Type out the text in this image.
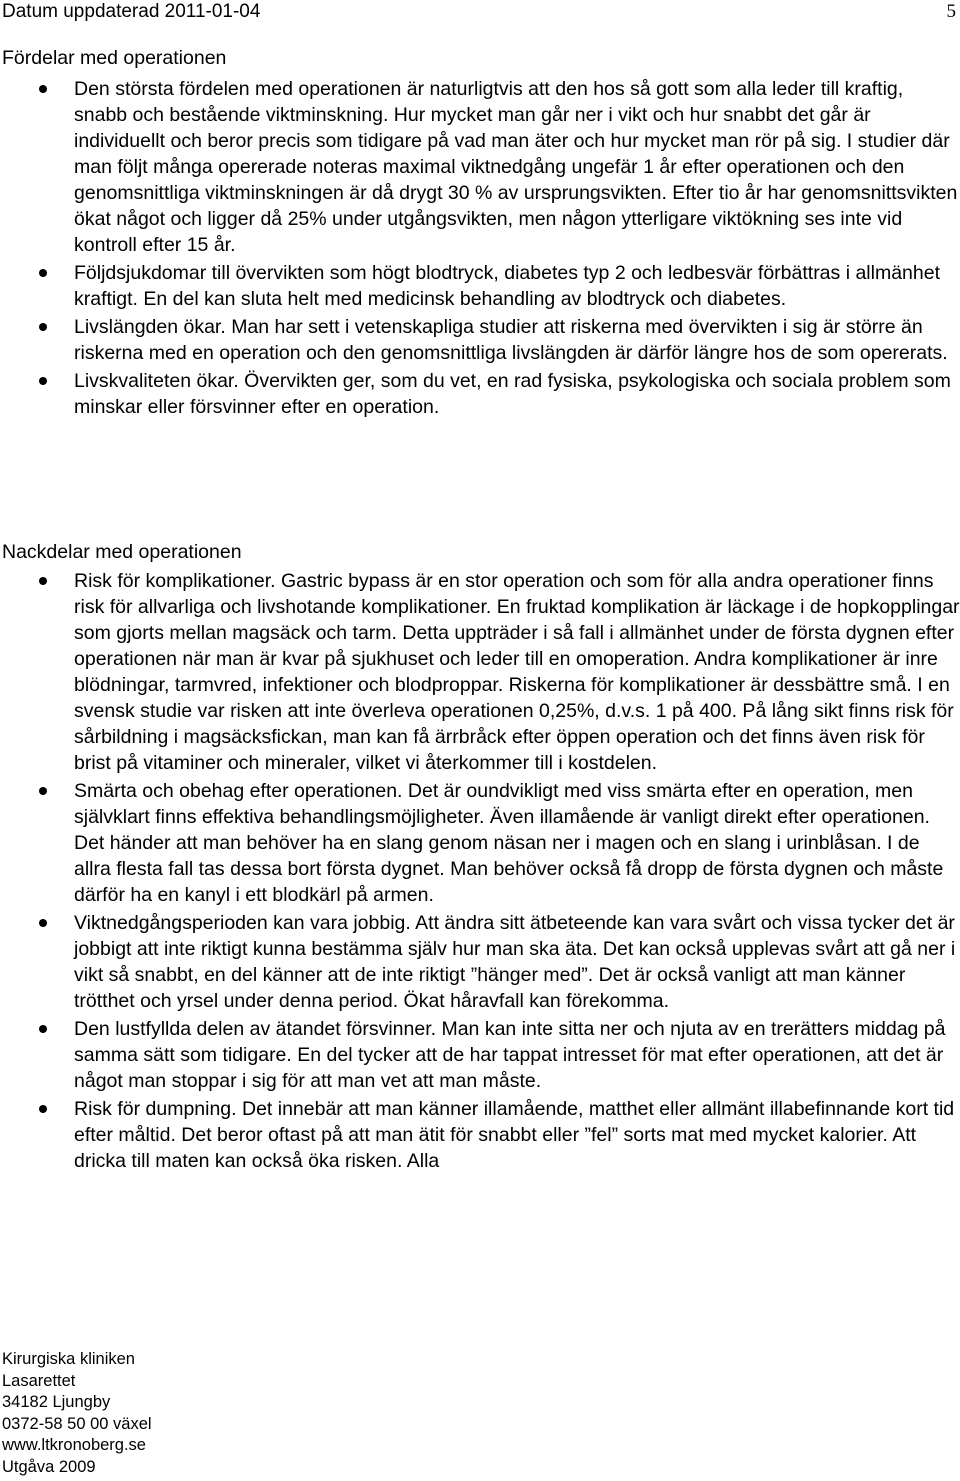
Datum uppdaterad 2011-01-04	5
Fördelar med operationen
Den största fördelen med operationen är naturligtvis att den hos så gott som alla leder till kraftig, snabb och bestående viktminskning. Hur mycket man går ner i vikt och hur snabbt det går är individuellt och beror precis som tidigare på vad man äter och hur mycket man rör på sig. I studier där man följt många opererade noteras maximal viktnedgång ungefär 1 år efter operationen och den genomsnittliga viktminskningen är då drygt 30 % av ursprungsvikten. Efter tio år har genomsnittsvikten ökat något och ligger då 25% under utgångsvikten, men någon ytterligare viktökning ses inte vid kontroll efter 15 år.
Följdsjukdomar till övervikten som högt blodtryck, diabetes typ 2 och ledbesvär förbättras i allmänhet kraftigt. En del kan sluta helt med medicinsk behandling av blodtryck och diabetes.
Livslängden ökar. Man har sett i vetenskapliga studier att riskerna med övervikten i sig är större än riskerna med en operation och den genomsnittliga livslängden är därför längre hos de som opererats.
Livskvaliteten ökar. Övervikten ger, som du vet, en rad fysiska, psykologiska och sociala problem som minskar eller försvinner efter en operation.
Nackdelar med operationen
Risk för komplikationer. Gastric bypass är en stor operation och som för alla andra operationer finns risk för allvarliga och livshotande komplikationer. En fruktad komplikation är läckage i de hopkopplingar som gjorts mellan magsäck och tarm. Detta uppträder i så fall i allmänhet under de första dygnen efter operationen när man är kvar på sjukhuset och leder till en omoperation. Andra komplikationer är inre blödningar, tarmvred, infektioner och blodproppar. Riskerna för komplikationer är dessbättre små. I en svensk studie var risken att inte överleva operationen 0,25%, d.v.s. 1 på 400. På lång sikt finns risk för sårbildning i magsäcksfickan, man kan få ärrbråck efter öppen operation och det finns även risk för brist på vitaminer och mineraler, vilket vi återkommer till i kostdelen.
Smärta och obehag efter operationen. Det är oundvikligt med viss smärta efter en operation, men självklart finns effektiva behandlingsmöjligheter. Även illamående är vanligt direkt efter operationen. Det händer att man behöver ha en slang genom näsan ner i magen och en slang i urinblåsan. I de allra flesta fall tas dessa bort första dygnet. Man behöver också få dropp de första dygnen och måste därför ha en kanyl i ett blodkärl på armen.
Viktnedgångsperioden kan vara jobbig. Att ändra sitt ätbeteende kan vara svårt och vissa tycker det är jobbigt att inte riktigt kunna bestämma själv hur man ska äta. Det kan också upplevas svårt att gå ner i vikt så snabbt, en del känner att de inte riktigt ”hänger med”. Det är också vanligt att man känner trötthet och yrsel under denna period. Ökat håravfall kan förekomma.
Den lustfyllda delen av ätandet försvinner. Man kan inte sitta ner och njuta av en trerätters middag på samma sätt som tidigare. En del tycker att de har tappat intresset för mat efter operationen, att det är något man stoppar i sig för att man vet att man måste.
Risk för dumpning. Det innebär att man känner illamående, matthet eller allmänt illabefinnande kort tid efter måltid. Det beror oftast på att man ätit för snabbt eller ”fel” sorts mat med mycket kalorier. Att dricka till maten kan också öka risken. Alla
Kirurgiska kliniken
Lasarettet
34182 Ljungby
0372-58 50 00 växel
www.ltkronoberg.se
Utgåva 2009
